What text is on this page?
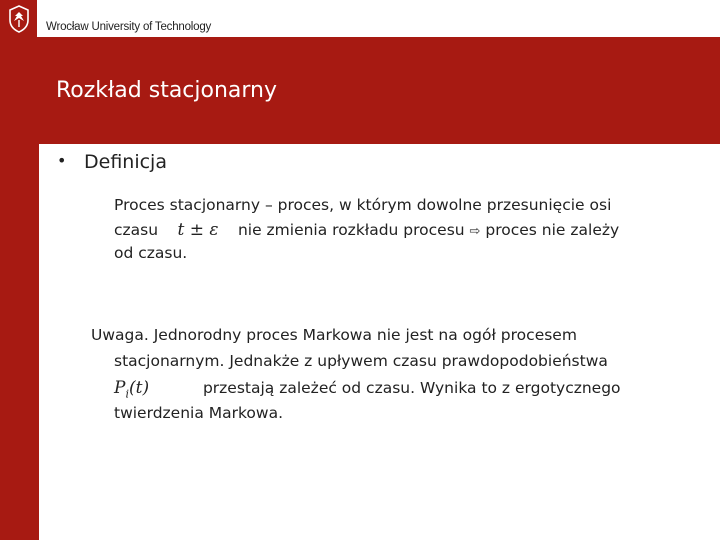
Wrocław University of Technology
Rozkład stacjonarny
• Definicja
Proces stacjonarny – proces, w którym dowolne przesunięcie osi
czasu t ± ε nie zmienia rozkładu procesu ⇨ proces nie zależy
od czasu.
Uwaga. Jednorodny proces Markowa nie jest na ogół procesem
stacjonarnym. Jednakże z upływem czasu prawdopodobieństwa
$P_i(t)$	przestają zależeć od czasu. Wynika to z ergotycznego
twierdzenia Markowa.
